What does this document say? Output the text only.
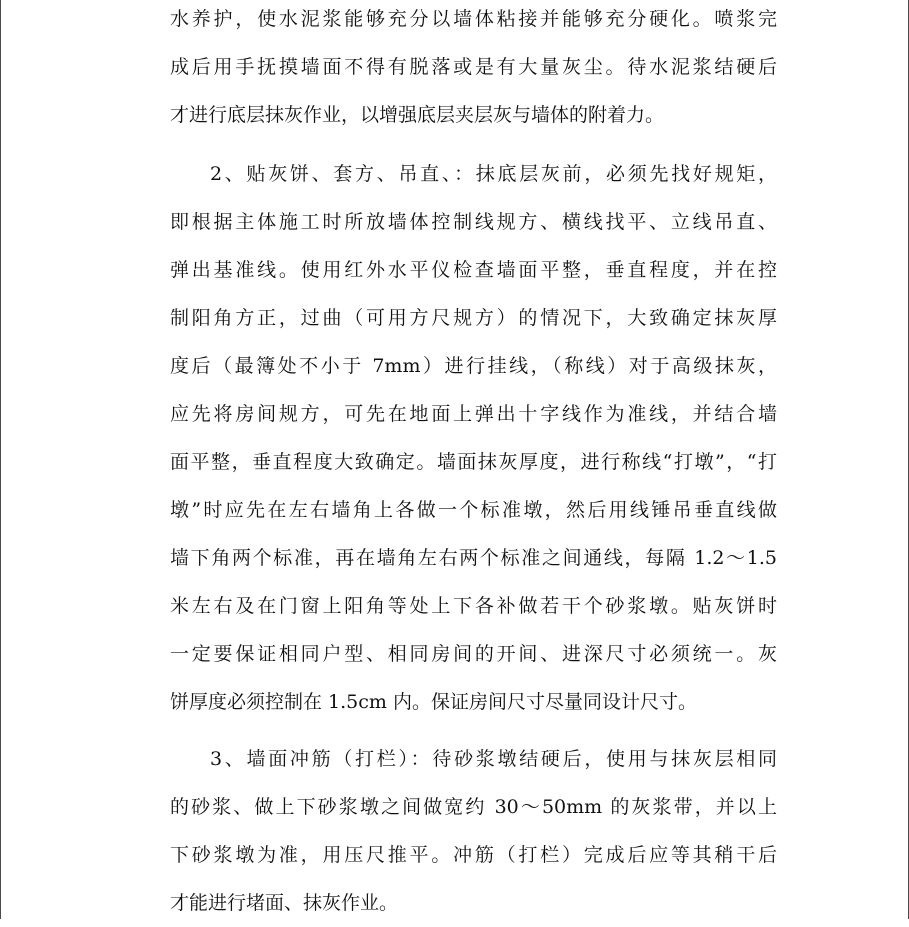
水养护，使水泥浆能够充分以墙体粘接并能够充分硬化。喷浆完
成后用手抚摸墙面不得有脱落或是有大量灰尘。待水泥浆结硬后
才进行底层抹灰作业，以增强底层夹层灰与墙体的附着力。
2、贴灰饼、套方、吊直、：抹底层灰前，必须先找好规矩，
即根据主体施工时所放墙体控制线规方、横线找平、立线吊直、
弹出基准线。使用红外水平仪检查墙面平整，垂直程度，并在控
制阳角方正，过曲（可用方尺规方）的情况下，大致确定抹灰厚
度后（最簿处不小于 7mm）进行挂线，（称线）对于高级抹灰，
应先将房间规方，可先在地面上弹出十字线作为准线，并结合墙
面平整，垂直程度大致确定。墙面抹灰厚度，进行称线“打墩”，“打
墩”时应先在左右墙角上各做一个标准墩，然后用线锤吊垂直线做
墙下角两个标准，再在墙角左右两个标准之间通线，每隔 1.2～1.5
米左右及在门窗上阳角等处上下各补做若干个砂浆墩。贴灰饼时
一定要保证相同户型、相同房间的开间、进深尺寸必须统一。灰
饼厚度必须控制在 1.5cm 内。保证房间尺寸尽量同设计尺寸。
3、墙面冲筋（打栏）：待砂浆墩结硬后，使用与抹灰层相同
的砂浆、做上下砂浆墩之间做宽约 30～50mm 的灰浆带，并以上
下砂浆墩为准，用压尺推平。冲筋（打栏）完成后应等其稍干后
才能进行堵面、抹灰作业。
